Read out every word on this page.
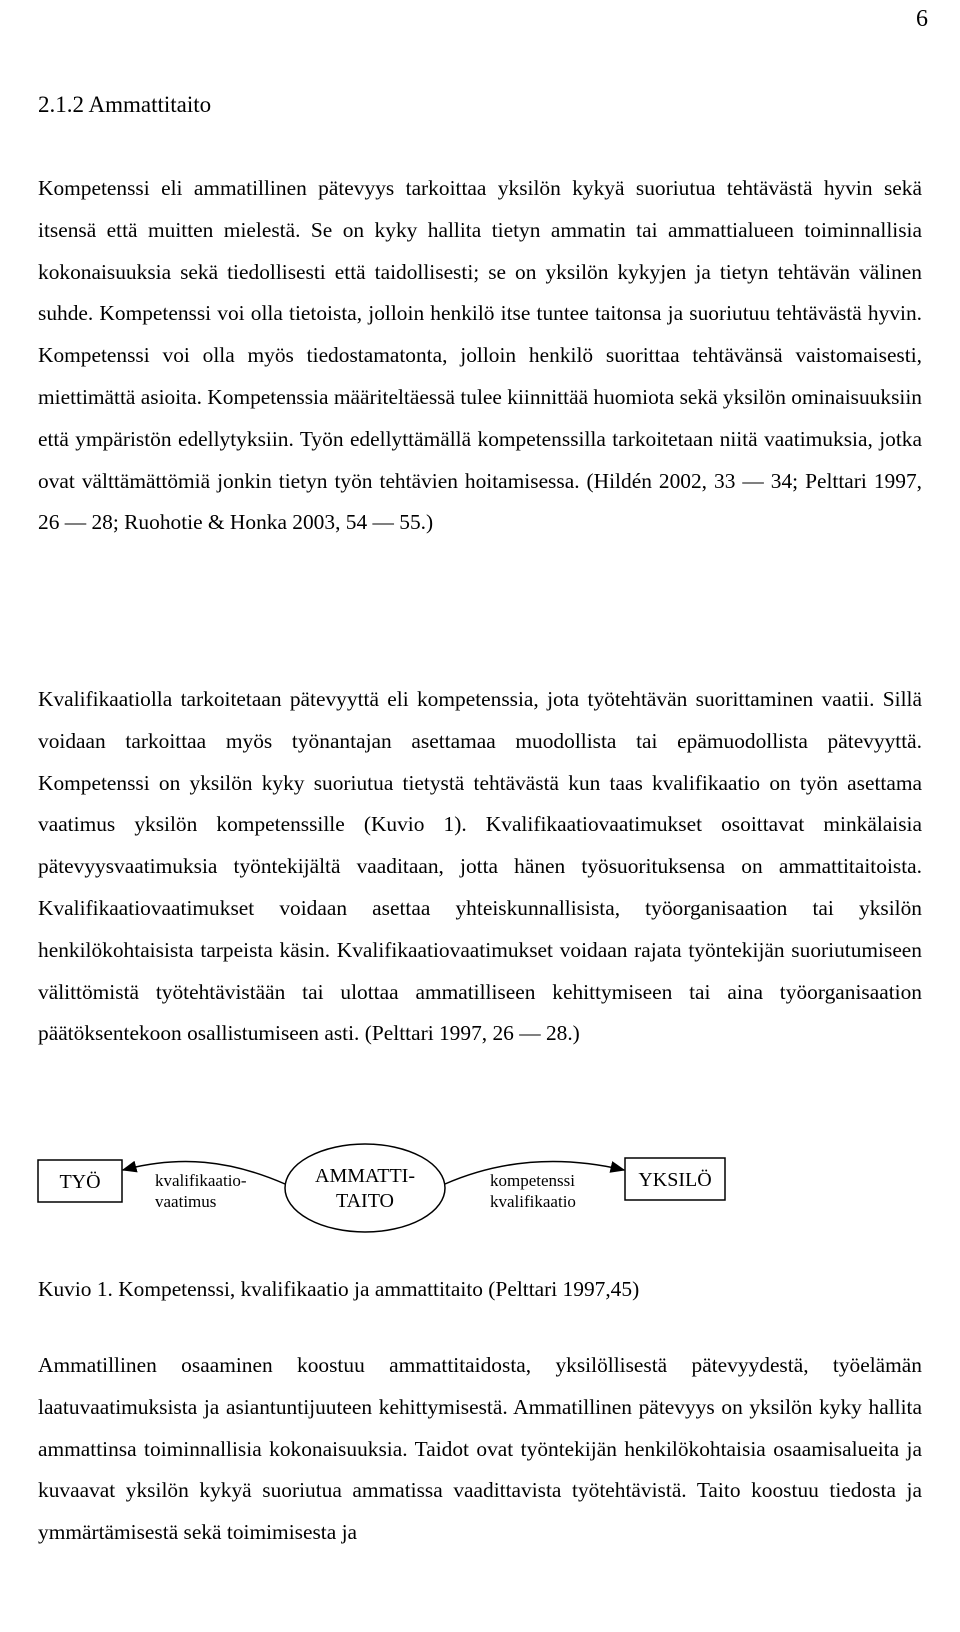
6
2.1.2 Ammattitaito

Kompetenssi eli ammatillinen pätevyys tarkoittaa yksilön kykyä suoriutua tehtävästä hyvin sekä itsensä että muitten mielestä. Se on kyky hallita tietyn ammatin tai ammattialueen toiminnallisia kokonaisuuksia sekä tiedollisesti että taidollisesti; se on yksilön kykyjen ja tietyn tehtävän välinen suhde. Kompetenssi voi olla tietoista, jolloin henkilö itse tuntee taitonsa ja suoriutuu tehtävästä hyvin. Kompetenssi voi olla myös tiedostamatonta, jolloin henkilö suorittaa tehtävänsä vaistomaisesti, miettimättä asioita. Kompetenssia määriteltäessä tulee kiinnittää huomiota sekä yksilön ominaisuuksiin että ympäristön edellytyksiin. Työn edellyttämällä kompetenssilla tarkoitetaan niitä vaatimuksia, jotka ovat välttämättömiä jonkin tietyn työn tehtävien hoitamisessa. (Hildén 2002, 33 — 34; Pelttari 1997, 26 — 28; Ruohotie & Honka 2003, 54 — 55.)

Kvalifikaatiolla tarkoitetaan pätevyyttä eli kompetenssia, jota työtehtävän suorittaminen vaatii. Sillä voidaan tarkoittaa myös työnantajan asettamaa muodollista tai epämuodollista pätevyyttä. Kompetenssi on yksilön kyky suoriutua tietystä tehtävästä kun taas kvalifikaatio on työn asettama vaatimus yksilön kompetenssille (Kuvio 1). Kvalifikaatiovaatimukset osoittavat minkälaisia pätevyysvaatimuksia työntekijältä vaaditaan, jotta hänen työsuorituksensa on ammattitaitoista. Kvalifikaatiovaatimukset voidaan asettaa yhteiskunnallisista, työorganisaation tai yksilön henkilökohtaisista tarpeista käsin. Kvalifikaatiovaatimukset voidaan rajata työntekijän suoriutumiseen välittömistä työtehtävistään tai ulottaa ammatilliseen kehittymiseen tai aina työorganisaation päätöksentekoon osallistumiseen asti. (Pelttari 1997, 26 — 28.)

TYÖ	kvalifikaatio-
vaatimus
AMMATTI-
TAITO
kompetenssi
kvalifikaatio
YKSILÖ

Kuvio 1. Kompetenssi, kvalifikaatio ja ammattitaito (Pelttari 1997,45)

Ammatillinen osaaminen koostuu ammattitaidosta, yksilöllisestä pätevyydestä, työelämän laatuvaatimuksista ja asiantuntijuuteen kehittymisestä. Ammatillinen pätevyys on yksilön kyky hallita ammattinsa toiminnallisia kokonaisuuksia. Taidot ovat työntekijän henkilökohtaisia osaamisalueita ja kuvaavat yksilön kykyä suoriutua ammatissa vaadittavista työtehtävistä. Taito koostuu tiedosta ja ymmärtämisestä sekä toimimisesta ja
